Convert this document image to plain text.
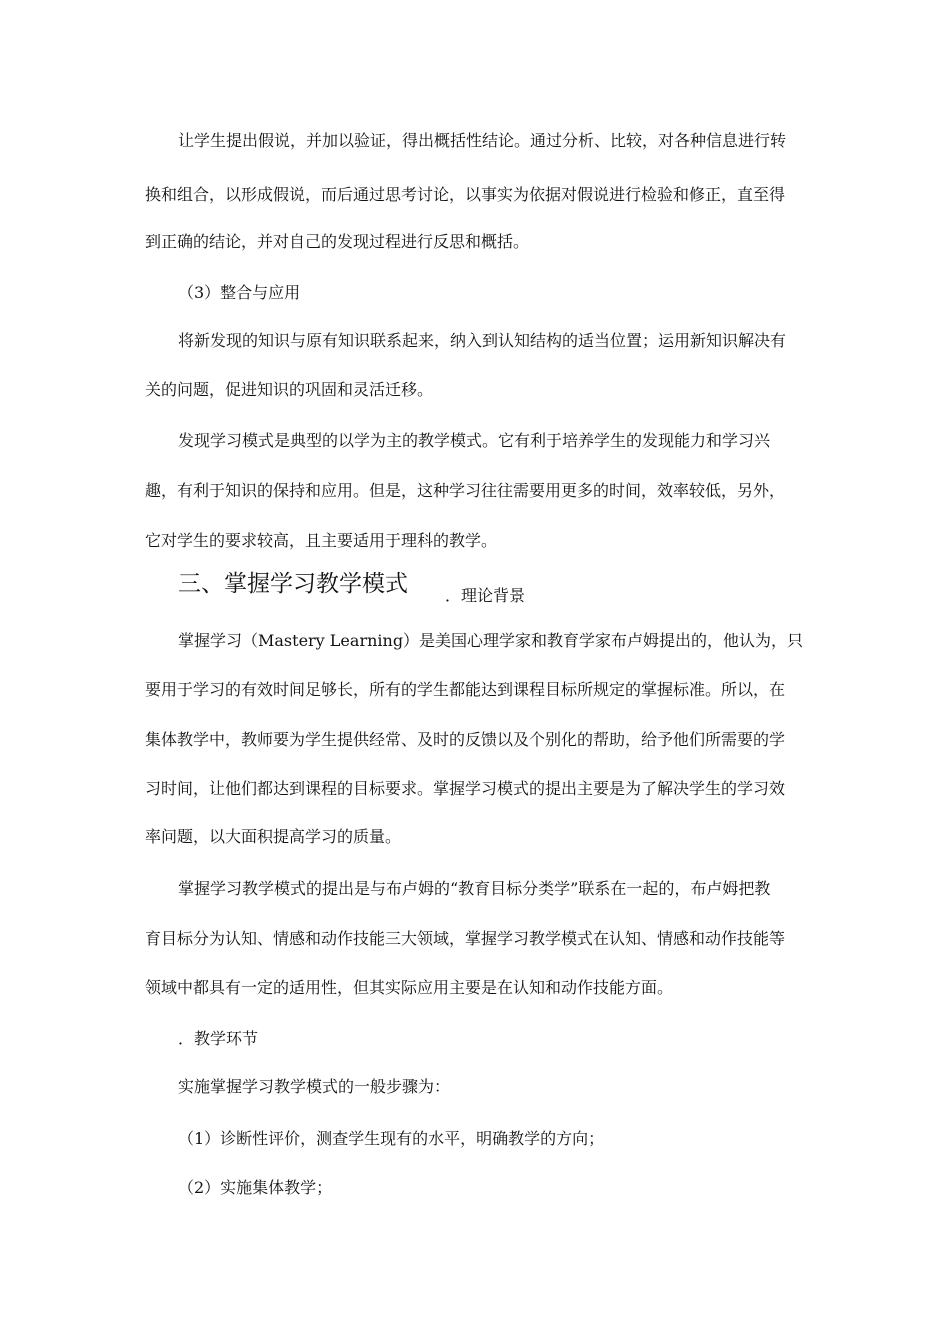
让学生提出假说，并加以验证，得出概括性结论。通过分析、比较，对各种信息进行转
换和组合，以形成假说，而后通过思考讨论，以事实为依据对假说进行检验和修正，直至得
到正确的结论，并对自己的发现过程进行反思和概括。
（3）整合与应用
将新发现的知识与原有知识联系起来，纳入到认知结构的适当位置；运用新知识解决有
关的问题，促进知识的巩固和灵活迁移。
发现学习模式是典型的以学为主的教学模式。它有利于培养学生的发现能力和学习兴
趣，有利于知识的保持和应用。但是，这种学习往往需要用更多的时间，效率较低，另外，
它对学生的要求较高，且主要适用于理科的教学。
三、掌握学习教学模式 ．理论背景
掌握学习（Mastery Learning）是美国心理学家和教育学家布卢姆提出的，他认为，只
要用于学习的有效时间足够长，所有的学生都能达到课程目标所规定的掌握标准。所以，在
集体教学中，教师要为学生提供经常、及时的反馈以及个别化的帮助，给予他们所需要的学
习时间，让他们都达到课程的目标要求。掌握学习模式的提出主要是为了解决学生的学习效
率问题，以大面积提高学习的质量。
掌握学习教学模式的提出是与布卢姆的“教育目标分类学”联系在一起的，布卢姆把教
育目标分为认知、情感和动作技能三大领域，掌握学习教学模式在认知、情感和动作技能等
领域中都具有一定的适用性，但其实际应用主要是在认知和动作技能方面。
．教学环节
实施掌握学习教学模式的一般步骤为：
（1）诊断性评价，测查学生现有的水平，明确教学的方向；
（2）实施集体教学；
